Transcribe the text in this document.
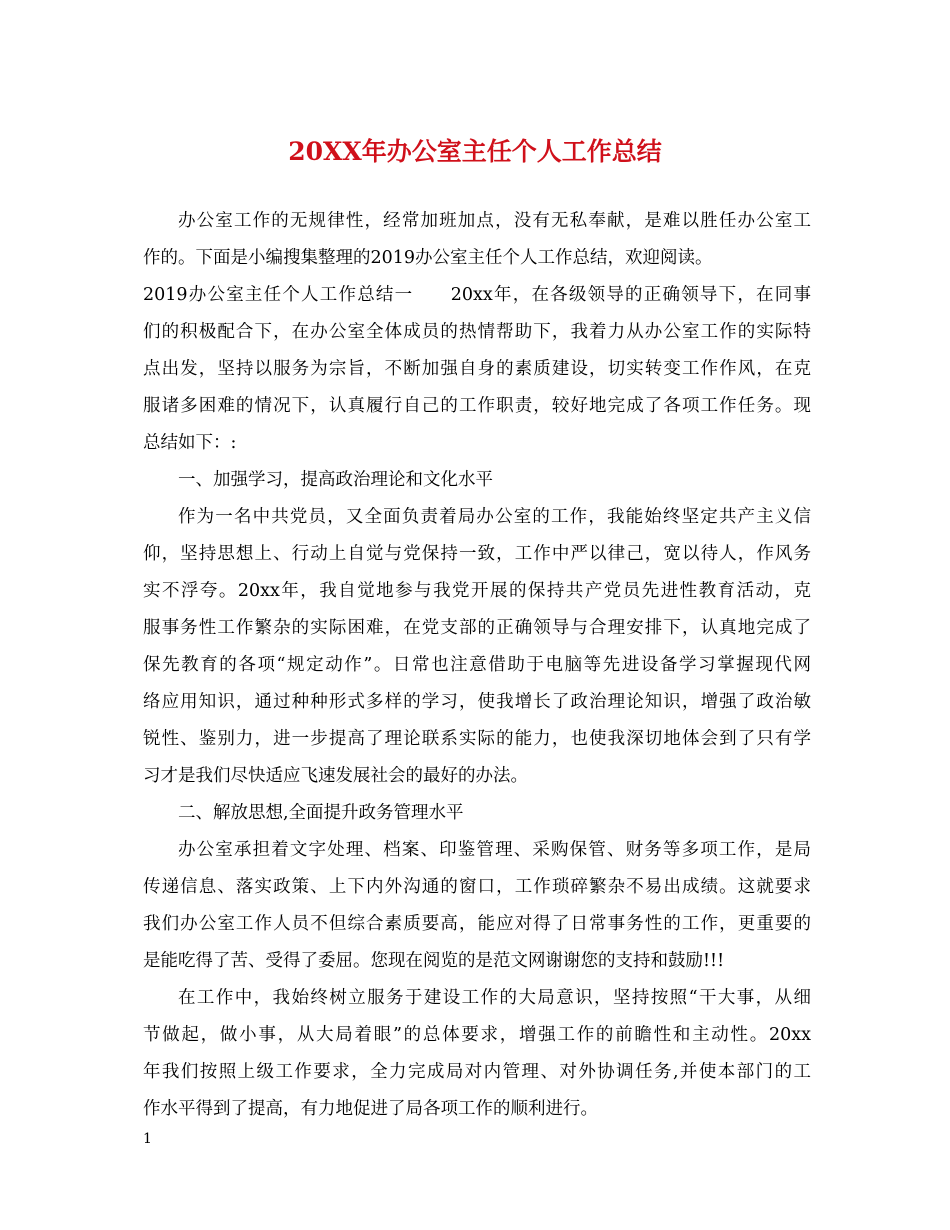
20XX年办公室主任个人工作总结
办公室工作的无规律性，经常加班加点，没有无私奉献，是难以胜任办公室工
作的。下面是小编搜集整理的2019办公室主任个人工作总结，欢迎阅读。
2019办公室主任个人工作总结一　　20xx年，在各级领导的正确领导下，在同事
们的积极配合下，在办公室全体成员的热情帮助下，我着力从办公室工作的实际特
点出发，坚持以服务为宗旨，不断加强自身的素质建设，切实转变工作作风，在克
服诸多困难的情况下，认真履行自己的工作职责，较好地完成了各项工作任务。现
总结如下：:
一、加强学习，提高政治理论和文化水平
作为一名中共党员，又全面负责着局办公室的工作，我能始终坚定共产主义信
仰，坚持思想上、行动上自觉与党保持一致，工作中严以律己，宽以待人，作风务
实不浮夸。20xx年，我自觉地参与我党开展的保持共产党员先进性教育活动，克
服事务性工作繁杂的实际困难，在党支部的正确领导与合理安排下，认真地完成了
保先教育的各项“规定动作”。日常也注意借助于电脑等先进设备学习掌握现代网
络应用知识，通过种种形式多样的学习，使我增长了政治理论知识，增强了政治敏
锐性、鉴别力，进一步提高了理论联系实际的能力，也使我深切地体会到了只有学
习才是我们尽快适应飞速发展社会的最好的办法。
二、解放思想,全面提升政务管理水平
办公室承担着文字处理、档案、印鉴管理、采购保管、财务等多项工作，是局
传递信息、落实政策、上下内外沟通的窗口，工作琐碎繁杂不易出成绩。这就要求
我们办公室工作人员不但综合素质要高，能应对得了日常事务性的工作，更重要的
是能吃得了苦、受得了委屈。您现在阅览的是范文网谢谢您的支持和鼓励!!!
在工作中，我始终树立服务于建设工作的大局意识，坚持按照“干大事，从细
节做起，做小事，从大局着眼”的总体要求，增强工作的前瞻性和主动性。20xx
年我们按照上级工作要求，全力完成局对内管理、对外协调任务,并使本部门的工
作水平得到了提高，有力地促进了局各项工作的顺利进行。
1
